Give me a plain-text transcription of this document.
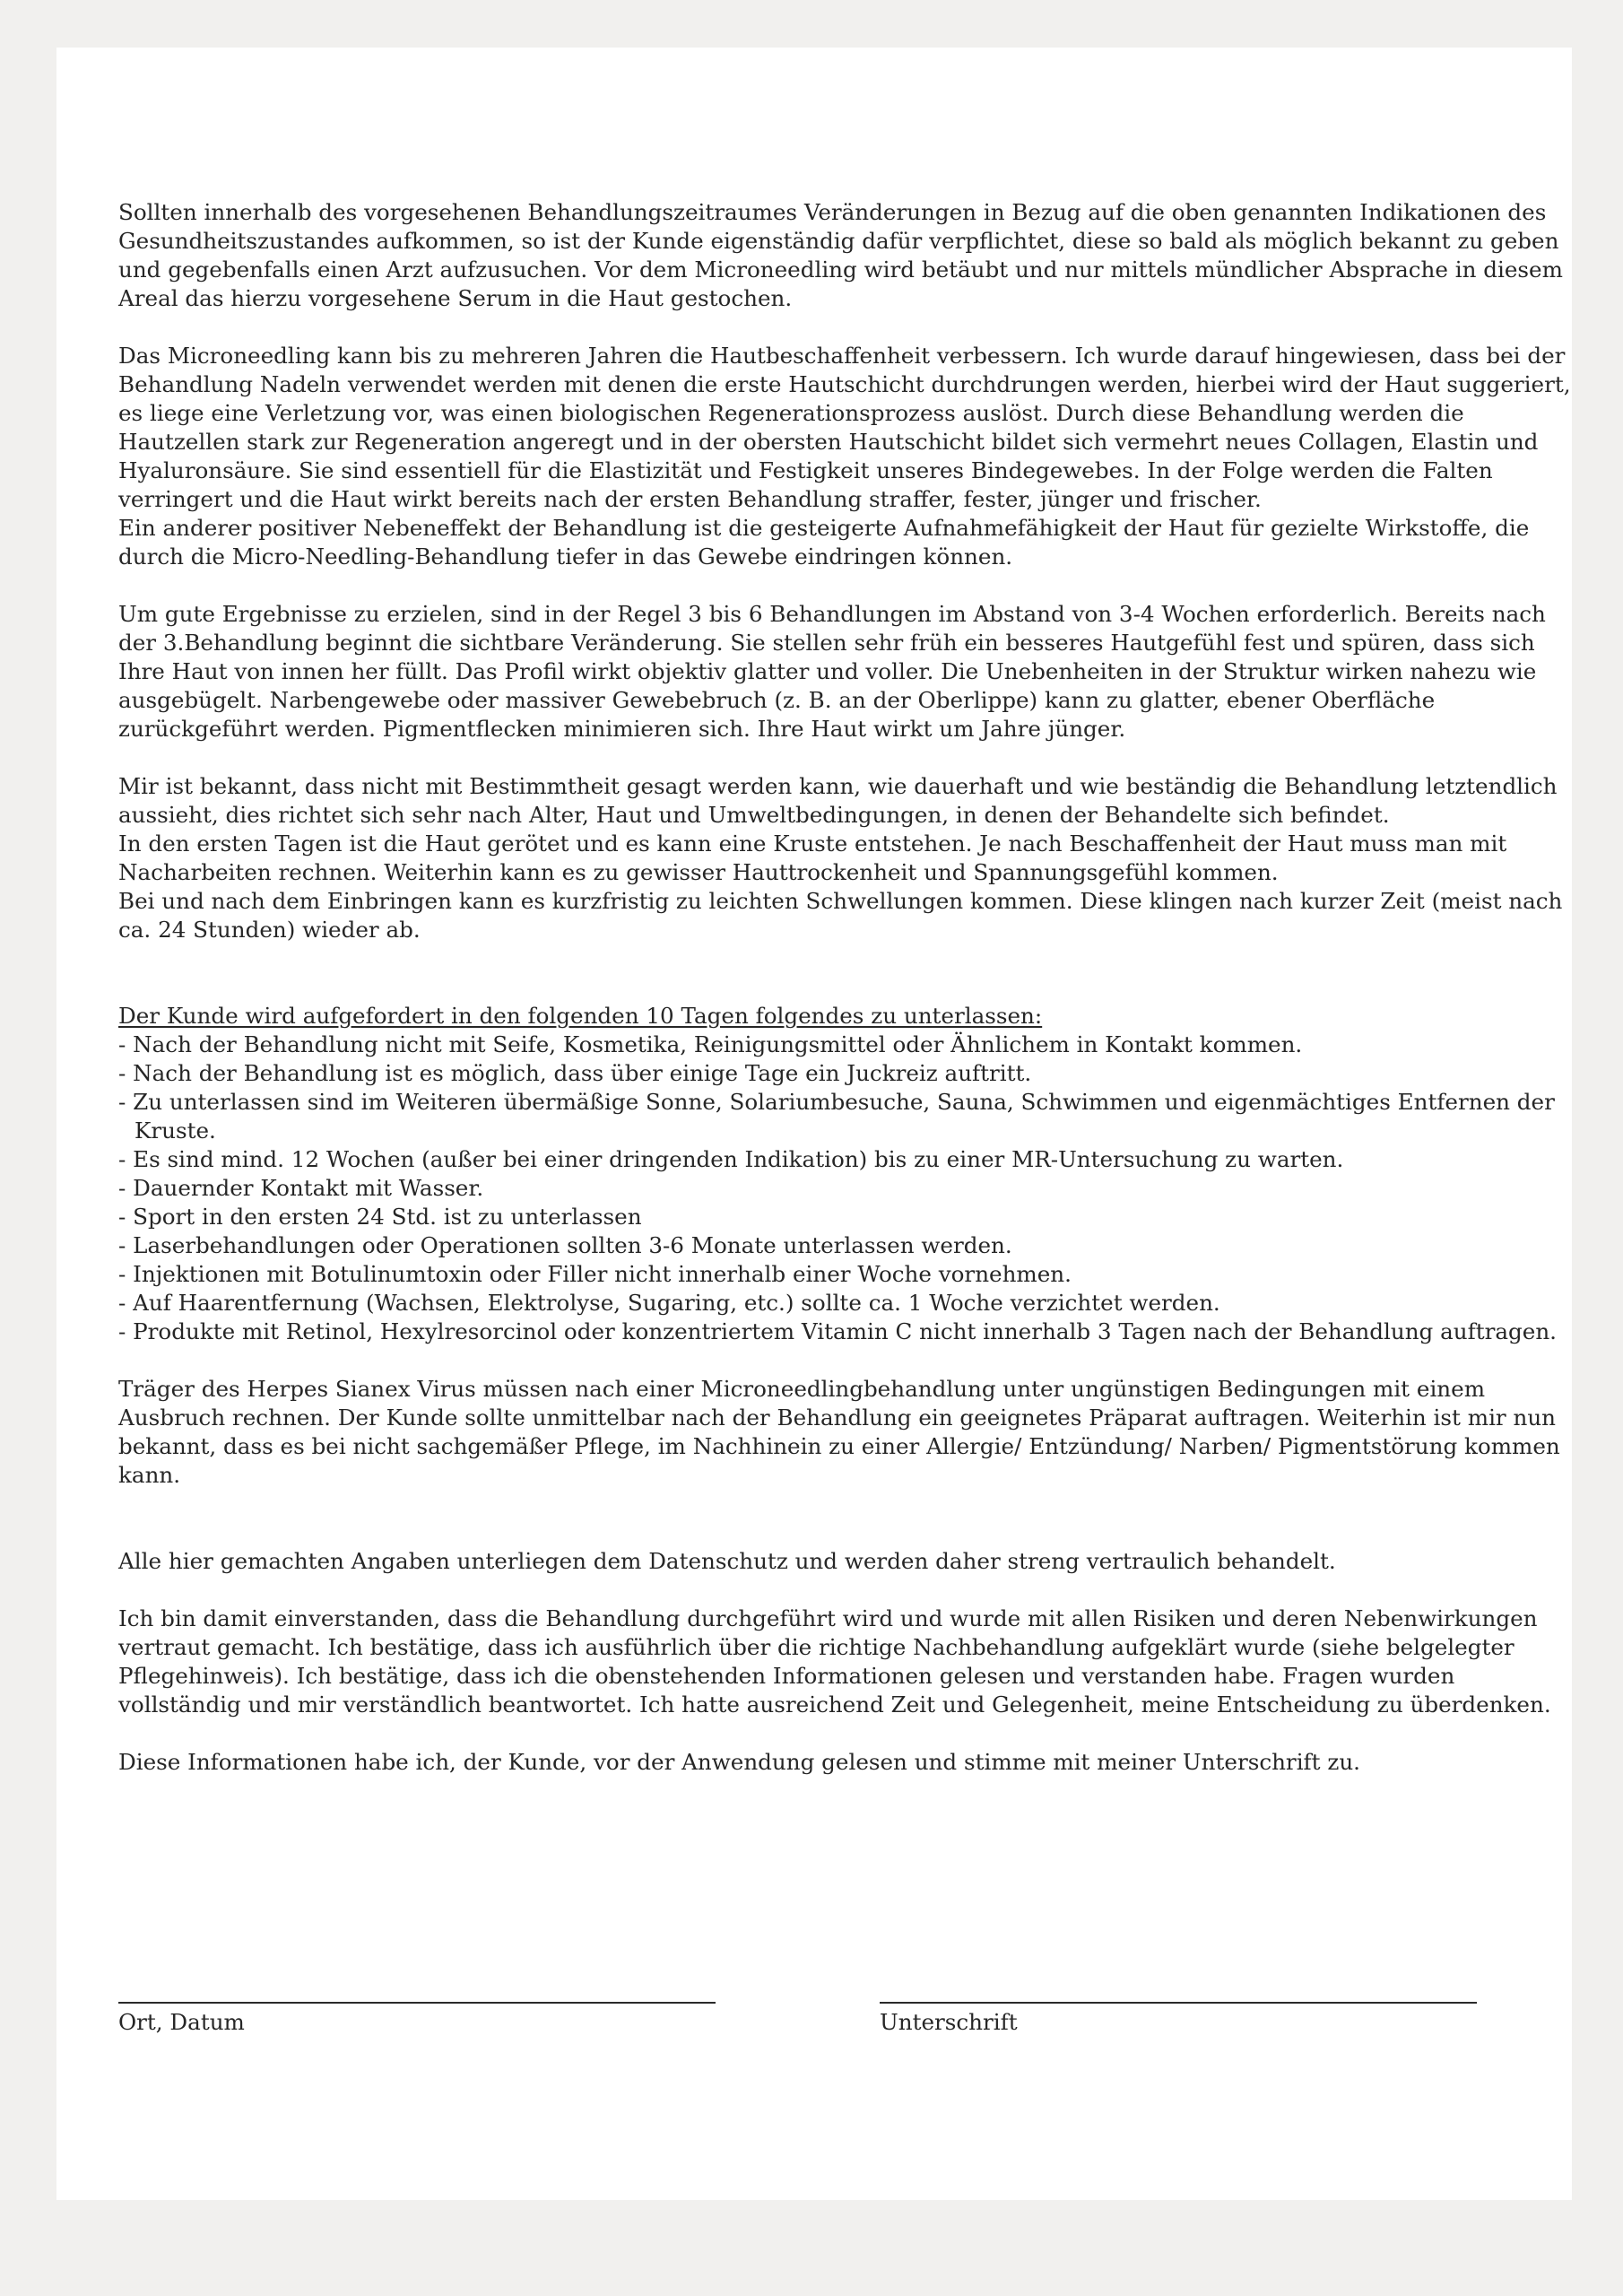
Sollten innerhalb des vorgesehenen Behandlungszeitraumes Veränderungen in Bezug auf die oben genannten Indikationen des Gesundheitszustandes aufkommen, so ist der Kunde eigenständig dafür verpflichtet, diese so bald als möglich bekannt zu geben und gegebenfalls einen Arzt aufzusuchen. Vor dem Microneedling wird betäubt und nur mittels mündlicher Absprache in diesem Areal das hierzu vorgesehene Serum in die Haut gestochen.

Das Microneedling kann bis zu mehreren Jahren die Hautbeschaffenheit verbessern. Ich wurde darauf hingewiesen, dass bei der Behandlung Nadeln verwendet werden mit denen die erste Hautschicht durchdrungen werden, hierbei wird der Haut suggeriert, es liege eine Verletzung vor, was einen biologischen Regenerationsprozess auslöst. Durch diese Behandlung werden die Hautzellen stark zur Regeneration angeregt und in der obersten Hautschicht bildet sich vermehrt neues Collagen, Elastin und Hyaluronsäure. Sie sind essentiell für die Elastizität und Festigkeit unseres Bindegewebes. In der Folge werden die Falten verringert und die Haut wirkt bereits nach der ersten Behandlung straffer, fester, jünger und frischer.

Ein anderer positiver Nebeneffekt der Behandlung ist die gesteigerte Aufnahmefähigkeit der Haut für gezielte Wirkstoffe, die durch die Micro-Needling-Behandlung tiefer in das Gewebe eindringen können.

Um gute Ergebnisse zu erzielen, sind in der Regel 3 bis 6 Behandlungen im Abstand von 3-4 Wochen erforderlich. Bereits nach der 3.Behandlung beginnt die sichtbare Veränderung. Sie stellen sehr früh ein besseres Hautgefühl fest und spüren, dass sich Ihre Haut von innen her füllt. Das Profil wirkt objektiv glatter und voller. Die Unebenheiten in der Struktur wirken nahezu wie ausgebügelt. Narbengewebe oder massiver Gewebebruch (z. B. an der Oberlippe) kann zu glatter, ebener Oberfläche zurückgeführt werden. Pigmentflecken minimieren sich. Ihre Haut wirkt um Jahre jünger.

Mir ist bekannt, dass nicht mit Bestimmtheit gesagt werden kann, wie dauerhaft und wie beständig die Behandlung letztendlich aussieht, dies richtet sich sehr nach Alter, Haut und Umweltbedingungen, in denen der Behandelte sich befindet.

In den ersten Tagen ist die Haut gerötet und es kann eine Kruste entstehen. Je nach Beschaffenheit der Haut muss man mit Nacharbeiten rechnen. Weiterhin kann es zu gewisser Hauttrockenheit und Spannungsgefühl kommen.

Bei und nach dem Einbringen kann es kurzfristig zu leichten Schwellungen kommen. Diese klingen nach kurzer Zeit (meist nach ca. 24 Stunden) wieder ab.

Der Kunde wird aufgefordert in den folgenden 10 Tagen folgendes zu unterlassen:

- Nach der Behandlung nicht mit Seife, Kosmetika, Reinigungsmittel oder Ähnlichem in Kontakt kommen.
- Nach der Behandlung ist es möglich, dass über einige Tage ein Juckreiz auftritt.
- Zu unterlassen sind im Weiteren übermäßige Sonne, Solariumbesuche, Sauna, Schwimmen und eigenmächtiges Entfernen der Kruste.
- Es sind mind. 12 Wochen (außer bei einer dringenden Indikation) bis zu einer MR-Untersuchung zu warten.
- Dauernder Kontakt mit Wasser.
- Sport in den ersten 24 Std. ist zu unterlassen
- Laserbehandlungen oder Operationen sollten 3-6 Monate unterlassen werden.
- Injektionen mit Botulinumtoxin oder Filler nicht innerhalb einer Woche vornehmen.
- Auf Haarentfernung (Wachsen, Elektrolyse, Sugaring, etc.) sollte ca. 1 Woche verzichtet werden.
- Produkte mit Retinol, Hexylresorcinol oder konzentriertem Vitamin C nicht innerhalb 3 Tagen nach der Behandlung auftragen.

Träger des Herpes Sianex Virus müssen nach einer Microneedlingbehandlung unter ungünstigen Bedingungen mit einem Ausbruch rechnen. Der Kunde sollte unmittelbar nach der Behandlung ein geeignetes Präparat auftragen. Weiterhin ist mir nun bekannt, dass es bei nicht sachgemäßer Pflege, im Nachhinein zu einer Allergie/ Entzündung/ Narben/ Pigmentstörung kommen kann.

Alle hier gemachten Angaben unterliegen dem Datenschutz und werden daher streng vertraulich behandelt.

Ich bin damit einverstanden, dass die Behandlung durchgeführt wird und wurde mit allen Risiken und deren Nebenwirkungen vertraut gemacht. Ich bestätige, dass ich ausführlich über die richtige Nachbehandlung aufgeklärt wurde (siehe belgelegter Pflegehinweis). Ich bestätige, dass ich die obenstehenden Informationen gelesen und verstanden habe. Fragen wurden vollständig und mir verständlich beantwortet. Ich hatte ausreichend Zeit und Gelegenheit, meine Entscheidung zu überdenken.

Diese Informationen habe ich, der Kunde, vor der Anwendung gelesen und stimme mit meiner Unterschrift zu.

Ort, Datum	Unterschrift
